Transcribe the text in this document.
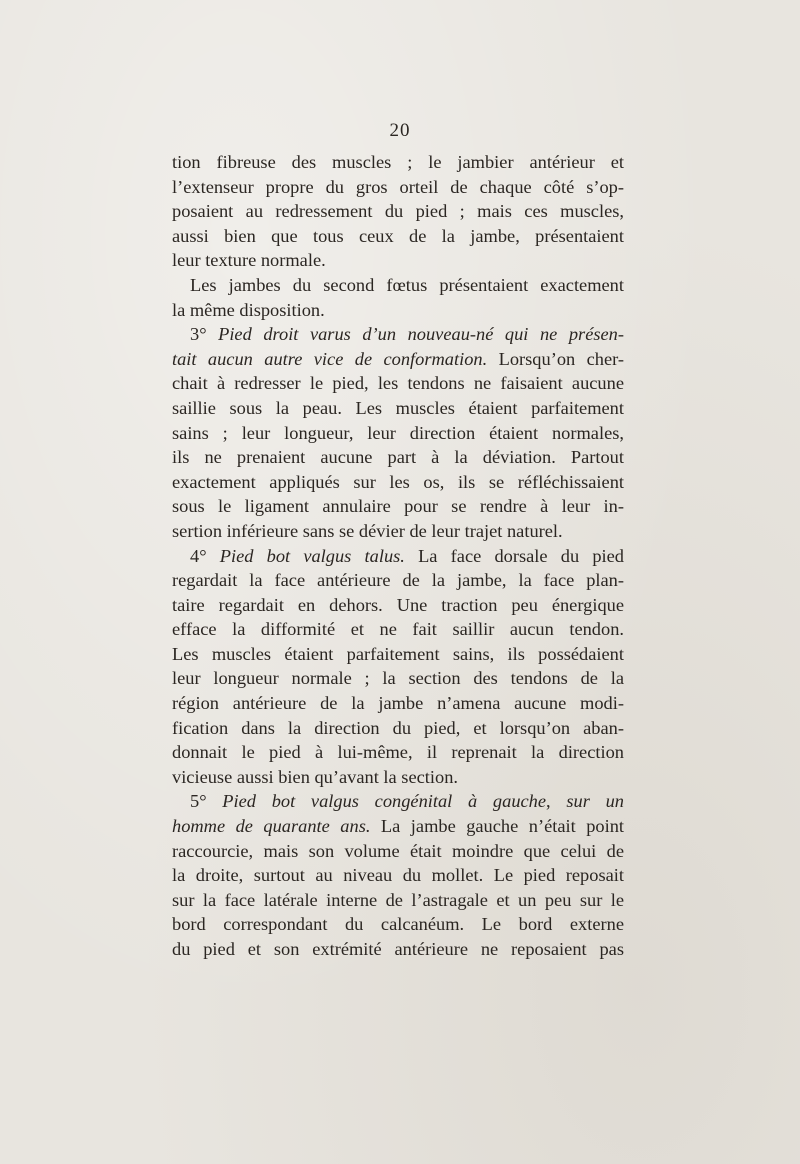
20
tion fibreuse des muscles ; le jambier antérieur et
l’extenseur propre du gros orteil de chaque côté s’op-
posaient au redressement du pied ; mais ces muscles,
aussi bien que tous ceux de la jambe, présentaient
leur texture normale.
Les jambes du second fœtus présentaient exactement
la même disposition.
3° Pied droit varus d’un nouveau-né qui ne présen-
tait aucun autre vice de conformation. Lorsqu’on cher-
chait à redresser le pied, les tendons ne faisaient aucune
saillie sous la peau. Les muscles étaient parfaitement
sains ; leur longueur, leur direction étaient normales,
ils ne prenaient aucune part à la déviation. Partout
exactement appliqués sur les os, ils se réfléchissaient
sous le ligament annulaire pour se rendre à leur in-
sertion inférieure sans se dévier de leur trajet naturel.
4° Pied bot valgus talus. La face dorsale du pied
regardait la face antérieure de la jambe, la face plan-
taire regardait en dehors. Une traction peu énergique
efface la difformité et ne fait saillir aucun tendon.
Les muscles étaient parfaitement sains, ils possédaient
leur longueur normale ; la section des tendons de la
région antérieure de la jambe n’amena aucune modi-
fication dans la direction du pied, et lorsqu’on aban-
donnait le pied à lui-même, il reprenait la direction
vicieuse aussi bien qu’avant la section.
5° Pied bot valgus congénital à gauche, sur un
homme de quarante ans. La jambe gauche n’était point
raccourcie, mais son volume était moindre que celui de
la droite, surtout au niveau du mollet. Le pied reposait
sur la face latérale interne de l’astragale et un peu sur le
bord correspondant du calcanéum. Le bord externe
du pied et son extrémité antérieure ne reposaient pas
